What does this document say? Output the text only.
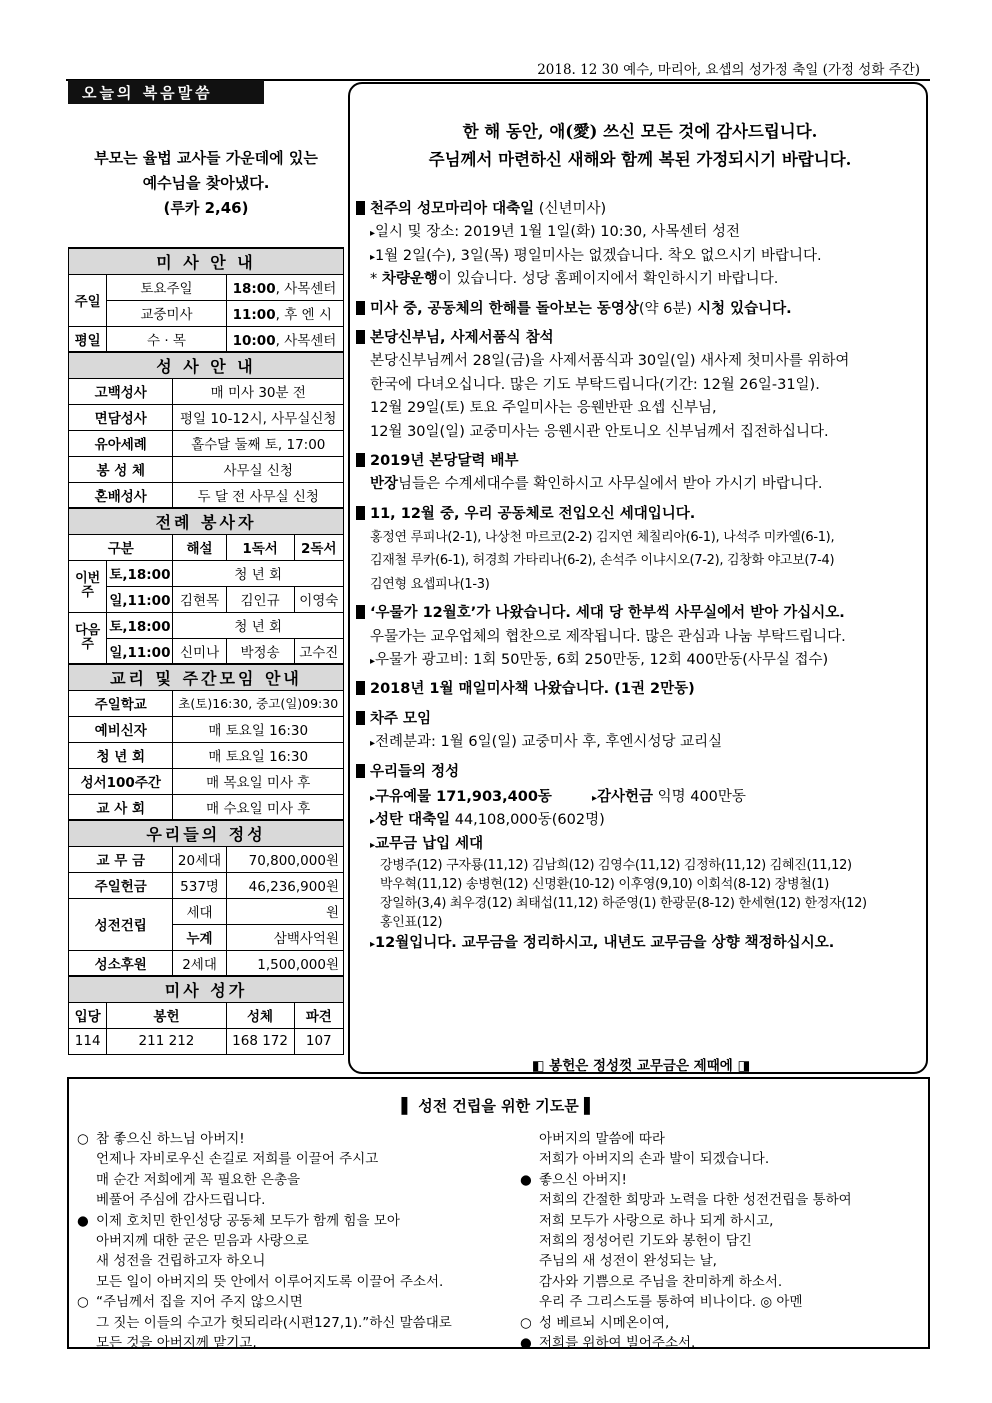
2018. 12 30 예수, 마리아, 요셉의 성가정 축일 (가정 성화 주간)
오늘의 복음말씀
부모는 율법 교사들 가운데에 있는
예수님을 찾아냈다.
(루카 2,46)
미 사 안 내				
주일	토요주일		18:00, 사목센터	
	교중미사		11:00, 후 엔 시	
평일	수 · 목		10:00, 사목센터	
성 사 안 내				
고백성사		매 미사 30분 전		
면담성사		평일 10-12시, 사무실신청		
유아세례		홀수달 둘째 토, 17:00		
봉 성 체		사무실 신청		
혼배성사		두 달 전 사무실 신청		
전례 봉사자				
구분		해설	1독서	2독서
이번주	토,18:00	청 년 회		
	일,11:00	김현목	김인규	이영숙
다음주	토,18:00	청 년 회		
	일,11:00	신미나	박정송	고수진
교리 및 주간모임 안내				
주일학교		초(토)16:30, 중고(일)09:30		
예비신자		매 토요일 16:30		
청 년 회		매 토요일 16:30		
성서100주간		매 목요일 미사 후		
교 사 회		매 수요일 미사 후		
우리들의 정성				
교 무 금		20세대	70,800,000원	
주일헌금		537명	46,236,900원	
성전건립		세대	원	
		누계	삼백사억원	
성소후원		2세대	1,500,000원	
미사 성가				
입당	봉헌		성체	파견
114	211 212		168 172	107
한 해 동안, 애(愛) 쓰신 모든 것에 감사드립니다.
주님께서 마련하신 새해와 함께 복된 가정되시기 바랍니다.
천주의 성모마리아 대축일 (신년미사)
▸일시 및 장소: 2019년 1월 1일(화) 10:30, 사목센터 성전
▸1월 2일(수), 3일(목) 평일미사는 없겠습니다. 착오 없으시기 바랍니다.
* 차량운행이 있습니다. 성당 홈페이지에서 확인하시기 바랍니다.
미사 중, 공동체의 한해를 돌아보는 동영상(약 6분) 시청 있습니다.
본당신부님, 사제서품식 참석
본당신부님께서 28일(금)을 사제서품식과 30일(일) 새사제 첫미사를 위하여
한국에 다녀오십니다. 많은 기도 부탁드립니다(기간: 12월 26일-31일).
12월 29일(토) 토요 주일미사는 응웬반판 요셉 신부님,
12월 30일(일) 교중미사는 응웬시관 안토니오 신부님께서 집전하십니다.
2019년 본당달력 배부
반장님들은 수계세대수를 확인하시고 사무실에서 받아 가시기 바랍니다.
11, 12월 중, 우리 공동체로 전입오신 세대입니다.
홍정연 루피나(2-1), 나상천 마르코(2-2) 김지연 체칠리아(6-1), 나석주 미카엘(6-1),
김재철 루카(6-1), 허경희 가타리나(6-2), 손석주 이냐시오(7-2), 김창화 야고보(7-4)
김연형 요셉피나(1-3)
‘우물가 12월호’가 나왔습니다. 세대 당 한부씩 사무실에서 받아 가십시오.
우물가는 교우업체의 협찬으로 제작됩니다. 많은 관심과 나눔 부탁드립니다.
▸우물가 광고비: 1회 50만동, 6회 250만동, 12회 400만동(사무실 접수)
2018년 1월 매일미사책 나왔습니다. (1권 2만동)
차주 모임
▸전례분과: 1월 6일(일) 교중미사 후, 후엔시성당 교리실
우리들의 정성
▸구유예물 171,903,400동	▸감사헌금 익명 400만동
▸성탄 대축일 44,108,000동(602명)
▸교무금 납입 세대
강병주(12) 구자룡(11,12) 김남희(12) 김영수(11,12) 김정하(11,12) 김혜진(11,12)
박우혁(11,12) 송병현(12) 신명환(10-12) 이후영(9,10) 이회석(8-12) 장병철(1)
장일하(3,4) 최우경(12) 최태섭(11,12) 하준영(1) 한광문(8-12) 한세현(12) 한정자(12)
홍인표(12)
▸12월입니다. 교무금을 정리하시고, 내년도 교무금을 상향 책정하십시오.
◧ 봉헌은 정성껏 교무금은 제때에 ◨
▌ 성전 건립을 위한 기도문 ▌
○ 참 좋으신 하느님 아버지!
언제나 자비로우신 손길로 저희를 이끌어 주시고
매 순간 저희에게 꼭 필요한 은총을
베풀어 주심에 감사드립니다.
● 이제 호치민 한인성당 공동체 모두가 함께 힘을 모아
아버지께 대한 굳은 믿음과 사랑으로
새 성전을 건립하고자 하오니
모든 일이 아버지의 뜻 안에서 이루어지도록 이끌어 주소서.
○ “주님께서 집을 지어 주지 않으시면
그 짓는 이들의 수고가 헛되리라(시편127,1).”하신 말씀대로
모든 것을 아버지께 맡기고,
아버지의 말씀에 따라
저희가 아버지의 손과 발이 되겠습니다.
● 좋으신 아버지!
저희의 간절한 희망과 노력을 다한 성전건립을 통하여
저희 모두가 사랑으로 하나 되게 하시고,
저희의 정성어린 기도와 봉헌이 담긴
주님의 새 성전이 완성되는 날,
감사와 기쁨으로 주님을 찬미하게 하소서.
우리 주 그리스도를 통하여 비나이다. ◎ 아멘
○ 성 베르뇌 시메온이여,
● 저희를 위하여 빌어주소서.
